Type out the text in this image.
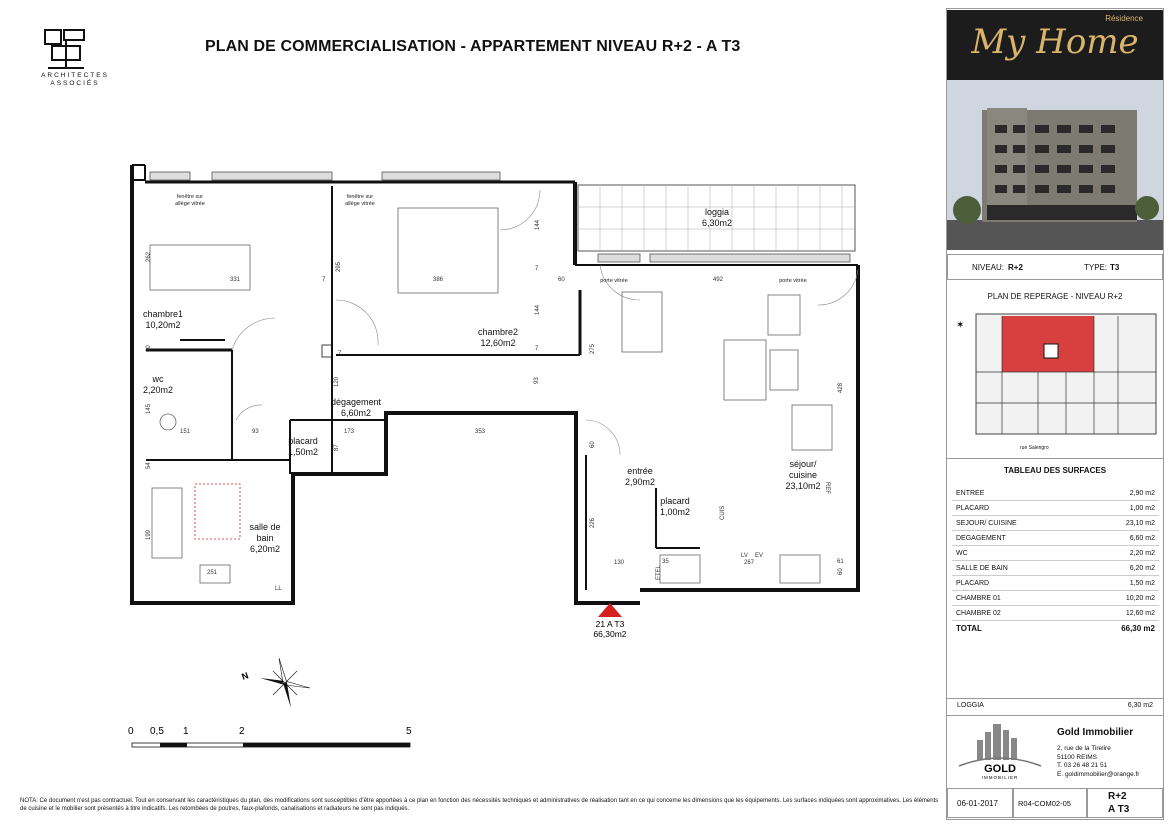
PLAN DE COMMERCIALISATION - APPARTEMENT NIVEAU R+2 - A T3
ARCHITECTES
ASSOCIÉS
chambre1
10,20m2
chambre2
12,60m2
loggia
6,30m2
wc
2,20m2
dégagement
6,60m2
placard
1,50m2
salle de
bain
6,20m2
entrée
2,90m2
placard
1,00m2
séjour/
cuisine
23,10m2
fenêtre sur
allège vitrée
fenêtre sur
allège vitrée
porte vitrée	porte vitrée
331	386	492
262
295
144
144
60
60
60
60
275
93
93
120
151	173	353
145
54
87
428
226
130
199
251
267	61
35
7
7
7
7
LL
LV EV
CUIS
ETEL
REF
21 A T3
66,30m2
N
0 0,5 1	2	5
Résidence
My Home
NIVEAU: R+2	TYPE: T3
PLAN DE REPERAGE - NIVEAU R+2
✶
rue Salengro
TABLEAU DES SURFACES
ENTREE	2,90 m2
PLACARD	1,00 m2
SEJOUR/ CUISINE	23,10 m2
DEGAGEMENT	6,60 m2
WC	2,20 m2
SALLE DE BAIN	6,20 m2
PLACARD	1,50 m2
CHAMBRE 01	10,20 m2
CHAMBRE 02	12,60 m2
TOTAL	66,30 m2
LOGGIA	6,30 m2
GOLD
IMMOBILIER
Gold Immobilier
2, rue de la Tirelire
51100 REIMS
T. 03 26 48 21 51
E. goldimmobilier@orange.fr
06-01-2017	R04-COM02-05
R+2
A T3
NOTA: Ce document n'est pas contractuel. Tout en conservant les caractéristiques du plan, des modifications sont susceptibles d'être apportées à ce plan en fonction des nécessités techniques et administratives de réalisation tant en ce qui concerne les dimensions que les équipements. Les surfaces indiquées sont approximatives. Les éléments de cuisine et le mobilier sont présentés à titre indicatifs. Les retombées de poutres, faux-plafonds, canalisations et radiateurs ne sont pas indiqués.
